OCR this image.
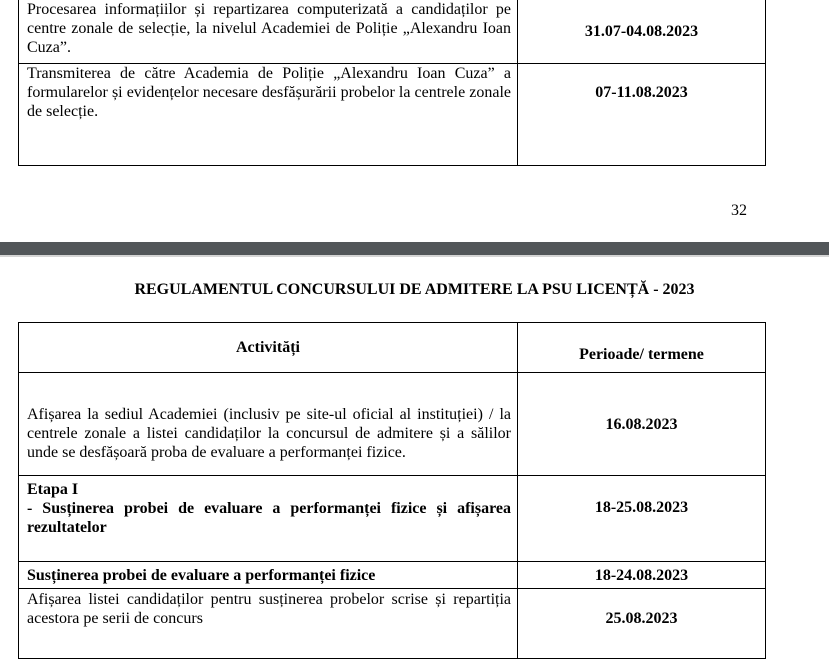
Procesarea informațiilor și repartizarea computerizată a candidaților pe centre zonale de selecție, la nivelul Academiei de Poliție „Alexandru Ioan Cuza”.	31.07-04.08.2023
Transmiterea de către Academia de Poliție „Alexandru Ioan Cuza” a formularelor și evidențelor necesare desfășurării probelor la centrele zonale de selecție.	07-11.08.2023
32
REGULAMENTUL CONCURSULUI DE ADMITERE LA PSU LICENȚĂ - 2023
Activități	Perioade/ termene
Afișarea la sediul Academiei (inclusiv pe site-ul oficial al instituției) / la centrele zonale a listei candidaților la concursul de admitere și a sălilor unde se desfășoară proba de evaluare a performanței fizice.	16.08.2023

Etapa I
- Susținerea probei de evaluare a performanței fizice și afișarea rezultatelor	18-25.08.2023
Susținerea probei de evaluare a performanței fizice	18-24.08.2023
Afișarea listei candidaților pentru susținerea probelor scrise și repartiția acestora pe serii de concurs	25.08.2023
